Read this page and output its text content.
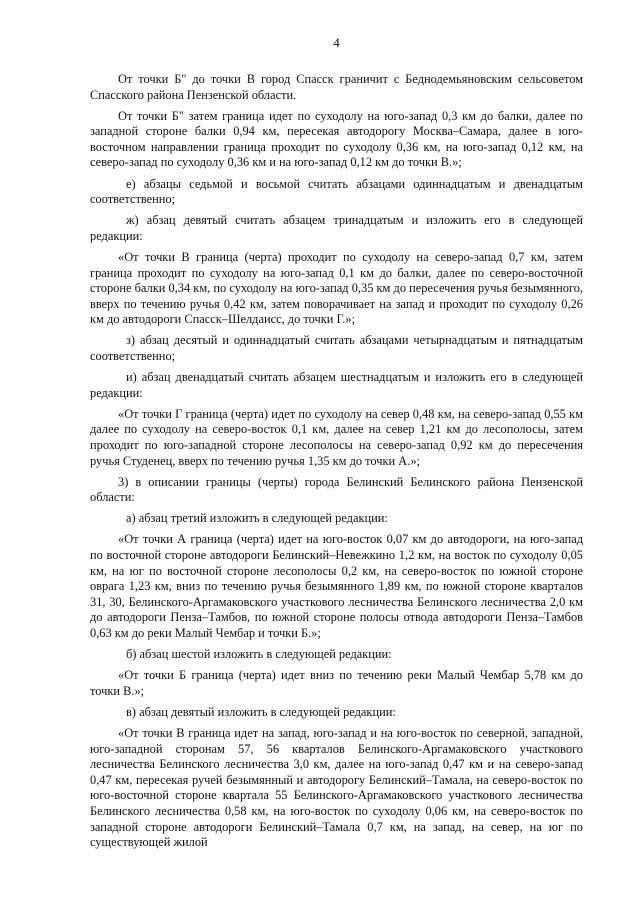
4

От точки Б" до точки В город Спасск граничит с Беднодемьяновским сельсоветом Спасского района Пензенской области.

От точки Б" затем граница идет по суходолу на юго-запад 0,3 км до балки, далее по западной стороне балки 0,94 км, пересекая автодорогу Москва–Самара, далее в юго-восточном направлении граница проходит по суходолу 0,36 км, на юго-запад 0,12 км, на северо-запад по суходолу 0,36 км и на юго-запад 0,12 км до точки В.»;

е) абзацы седьмой и восьмой считать абзацами одиннадцатым и двенадцатым соответственно;

ж) абзац девятый считать абзацем тринадцатым и изложить его в следующей редакции:

«От точки В граница (черта) проходит по суходолу на северо-запад 0,7 км, затем граница проходит по суходолу на юго-запад 0,1 км до балки, далее по северо-восточной стороне балки 0,34 км, по суходолу на юго-запад 0,35 км до пересечения ручья безымянного, вверх по течению ручья 0,42 км, затем поворачивает на запад и проходит по суходолу 0,26 км до автодороги Спасск–Шелдаисс, до точки Г.»;

з) абзац десятый и одиннадцатый считать абзацами четырнадцатым и пятнадцатым соответственно;

и) абзац двенадцатый считать абзацем шестнадцатым и изложить его в следующей редакции:

«От точки Г граница (черта) идет по суходолу на север 0,48 км, на северо-запад 0,55 км далее по суходолу на северо-восток 0,1 км, далее на север 1,21 км до лесополосы, затем проходит по юго-западной стороне лесополосы на северо-запад 0,92 км до пересечения ручья Студенец, вверх по течению ручья 1,35 км до точки А.»;

3) в описании границы (черты) города Белинский Белинского района Пензенской области:

а) абзац третий изложить в следующей редакции:

«От точки А граница (черта) идет на юго-восток 0,07 км до автодороги, на юго-запад по восточной стороне автодороги Белинский–Невежкино 1,2 км, на восток по суходолу 0,05 км, на юг по восточной стороне лесополосы 0,2 км, на северо-восток по южной стороне оврага 1,23 км, вниз по течению ручья безымянного 1,89 км, по южной стороне кварталов 31, 30, Белинского-Аргамаковского участкового лесничества Белинского лесничества 2,0 км до автодороги Пенза–Тамбов, по южной стороне полосы отвода автодороги Пенза–Тамбов 0,63 км до реки Малый Чембар и точки Б.»;

б) абзац шестой изложить в следующей редакции:

«От точки Б граница (черта) идет вниз по течению реки Малый Чембар 5,78 км до точки В.»;

в) абзац девятый изложить в следующей редакции:

«От точки В граница идет на запад, юго-запад и на юго-восток по северной, западной, юго-западной сторонам 57, 56 кварталов Белинского-Аргамаковского участкового лесничества Белинского лесничества 3,0 км, далее на юго-запад 0,47 км и на северо-запад 0,47 км, пересекая ручей безымянный и автодорогу Белинский–Тамала, на северо-восток по юго-восточной стороне квартала 55 Белинского-Аргамаковского участкового лесничества Белинского лесничества 0,58 км, на юго-восток по суходолу 0,06 км, на северо-восток по западной стороне автодороги Белинский–Тамала 0,7 км, на запад, на север, на юг по существующей жилой
